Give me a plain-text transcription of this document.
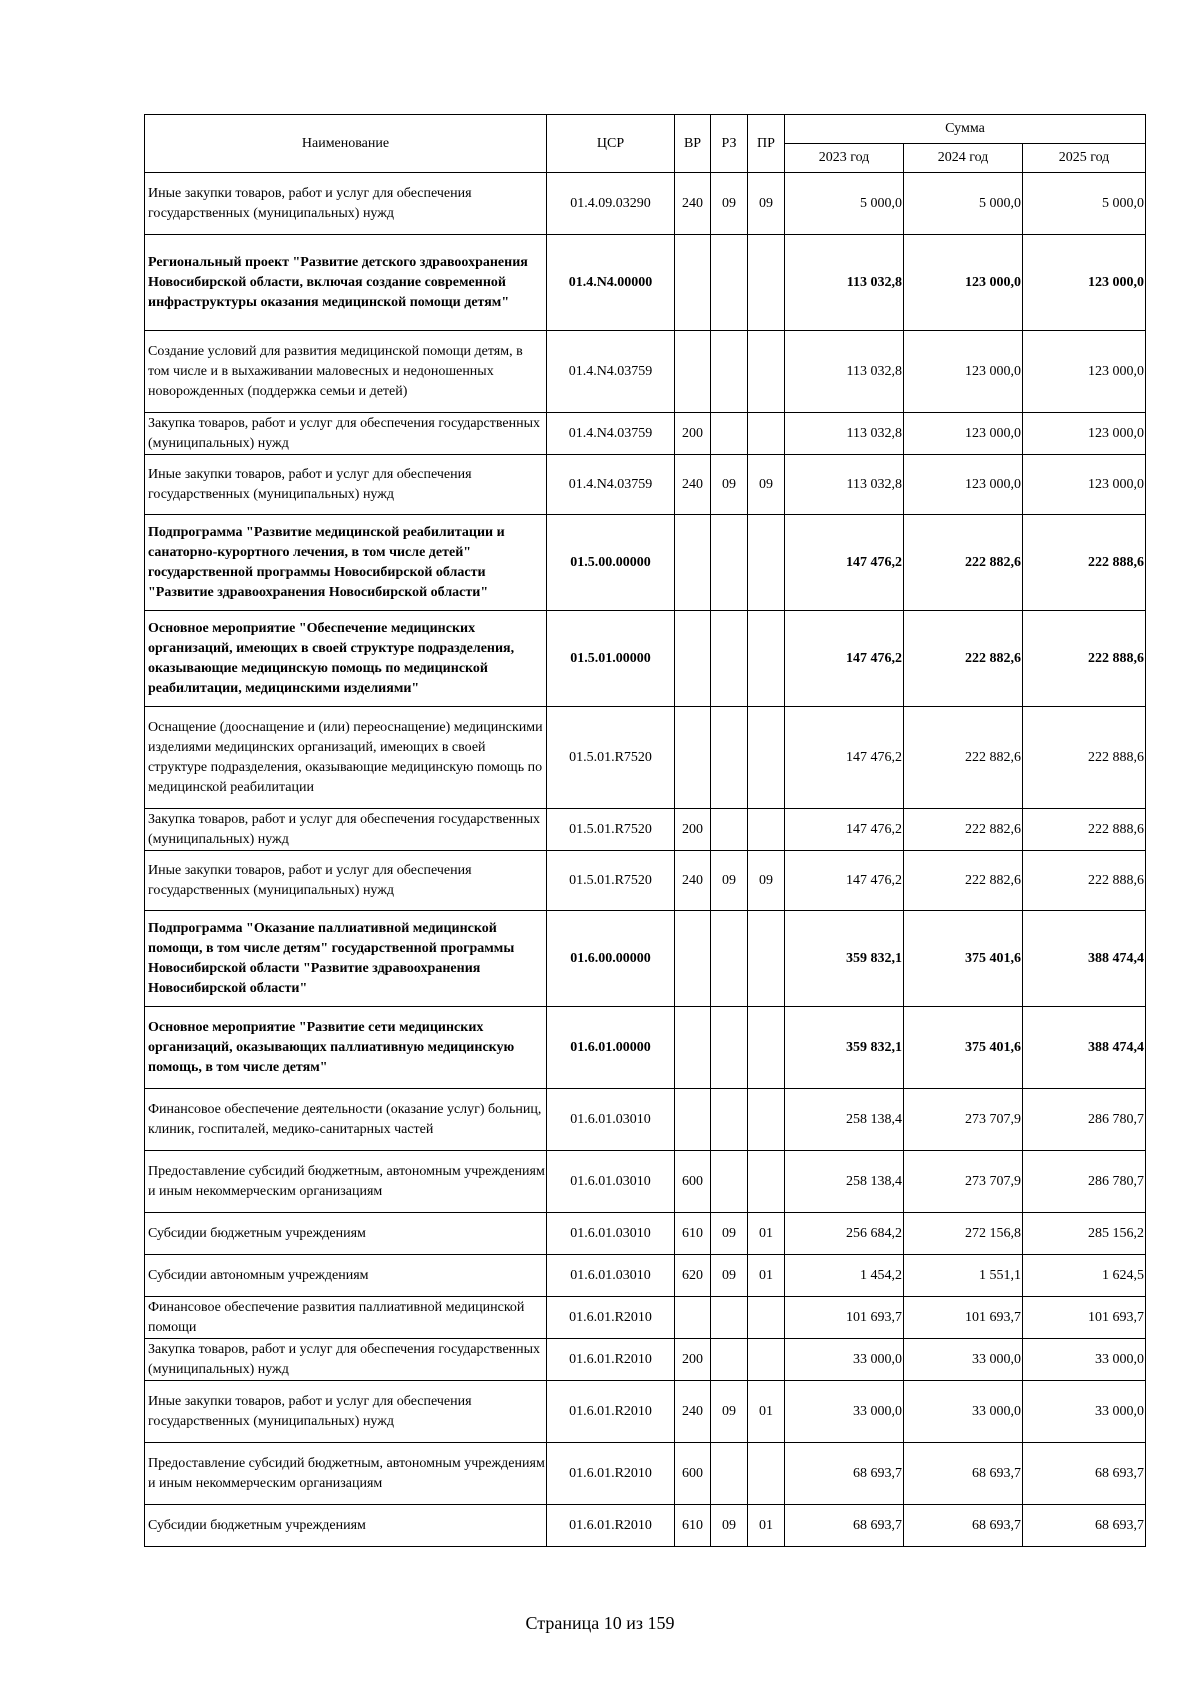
Наименование	ЦСР	ВР	РЗ	ПР	Сумма		
					2023 год	2024 год	2025 год
Иные закупки товаров, работ и услуг для обеспечения государственных (муниципальных) нужд	01.4.09.03290	240	09	09	5 000,0	5 000,0	5 000,0
Региональный проект "Развитие детского здравоохранения Новосибирской области, включая создание современной инфраструктуры оказания медицинской помощи детям"	01.4.N4.00000				113 032,8	123 000,0	123 000,0
Создание условий для развития медицинской помощи детям, в том числе и в выхаживании маловесных и недоношенных новорожденных (поддержка семьи и детей)	01.4.N4.03759				113 032,8	123 000,0	123 000,0
Закупка товаров, работ и услуг для обеспечения государственных (муниципальных) нужд	01.4.N4.03759	200			113 032,8	123 000,0	123 000,0
Иные закупки товаров, работ и услуг для обеспечения государственных (муниципальных) нужд	01.4.N4.03759	240	09	09	113 032,8	123 000,0	123 000,0
Подпрограмма "Развитие медицинской реабилитации и санаторно-курортного лечения, в том числе детей" государственной программы Новосибирской области "Развитие здравоохранения Новосибирской области"	01.5.00.00000				147 476,2	222 882,6	222 888,6
Основное мероприятие "Обеспечение медицинских организаций, имеющих в своей структуре подразделения, оказывающие медицинскую помощь по медицинской реабилитации, медицинскими изделиями"	01.5.01.00000				147 476,2	222 882,6	222 888,6
Оснащение (дооснащение и (или) переоснащение) медицинскими изделиями медицинских организаций, имеющих в своей структуре подразделения, оказывающие медицинскую помощь по медицинской реабилитации	01.5.01.R7520				147 476,2	222 882,6	222 888,6
Закупка товаров, работ и услуг для обеспечения государственных (муниципальных) нужд	01.5.01.R7520	200			147 476,2	222 882,6	222 888,6
Иные закупки товаров, работ и услуг для обеспечения государственных (муниципальных) нужд	01.5.01.R7520	240	09	09	147 476,2	222 882,6	222 888,6
Подпрограмма "Оказание паллиативной медицинской помощи, в том числе детям" государственной программы Новосибирской области "Развитие здравоохранения Новосибирской области"	01.6.00.00000				359 832,1	375 401,6	388 474,4
Основное мероприятие "Развитие сети медицинских организаций, оказывающих паллиативную медицинскую помощь, в том числе детям"	01.6.01.00000				359 832,1	375 401,6	388 474,4
Финансовое обеспечение деятельности (оказание услуг) больниц, клиник, госпиталей, медико-санитарных частей	01.6.01.03010				258 138,4	273 707,9	286 780,7
Предоставление субсидий бюджетным, автономным учреждениям и иным некоммерческим организациям	01.6.01.03010	600			258 138,4	273 707,9	286 780,7
Субсидии бюджетным учреждениям	01.6.01.03010	610	09	01	256 684,2	272 156,8	285 156,2
Субсидии автономным учреждениям	01.6.01.03010	620	09	01	1 454,2	1 551,1	1 624,5
Финансовое обеспечение развития паллиативной медицинской помощи	01.6.01.R2010				101 693,7	101 693,7	101 693,7
Закупка товаров, работ и услуг для обеспечения государственных (муниципальных) нужд	01.6.01.R2010	200			33 000,0	33 000,0	33 000,0
Иные закупки товаров, работ и услуг для обеспечения государственных (муниципальных) нужд	01.6.01.R2010	240	09	01	33 000,0	33 000,0	33 000,0
Предоставление субсидий бюджетным, автономным учреждениям и иным некоммерческим организациям	01.6.01.R2010	600			68 693,7	68 693,7	68 693,7
Субсидии бюджетным учреждениям	01.6.01.R2010	610	09	01	68 693,7	68 693,7	68 693,7
Страница 10 из 159
